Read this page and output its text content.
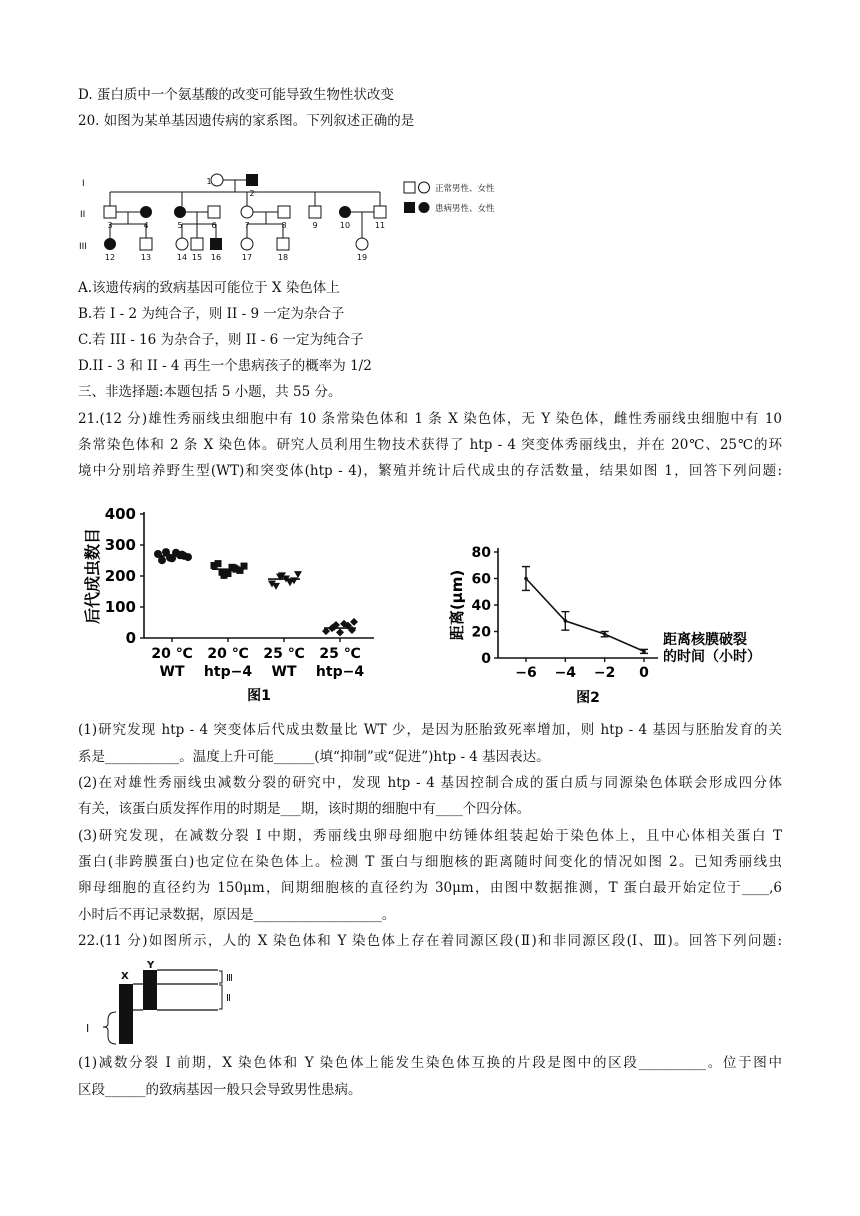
D. 蛋白质中一个氨基酸的改变可能导致生物性状改变
20. 如图为某单基因遗传病的家系图。下列叙述正确的是
I
II
III
1
2
3	4	5	6	7	8	9	10	11
12	13	14 15 16	17	18	19
正常男性、女性
患病男性、女性
A.该遗传病的致病基因可能位于 X 染色体上
B.若 I - 2 为纯合子，则 II - 9 一定为杂合子
C.若 III - 16 为杂合子，则 II - 6 一定为纯合子
D.II - 3 和 II - 4 再生一个患病孩子的概率为 1/2
三、非选择题:本题包括 5 小题，共 55 分。
21.(12 分)雄性秀丽线虫细胞中有 10 条常染色体和 1 条 X 染色体，无 Y 染色体，雌性秀丽线虫细胞中有 10
条常染色体和 2 条 X 染色体。研究人员利用生物技术获得了 htp - 4 突变体秀丽线虫，并在 20℃、25℃的环
境中分别培养野生型(WT)和突变体(htp - 4)，繁殖并统计后代成虫的存活数量，结果如图 1，回答下列问题:
400
300
200
100
0
后代成虫数目
20 ℃
WT
20 ℃
htp−4
25 ℃
WT
25 ℃
htp−4
图1
80
60
40
20
0
距离(μm)
−6 −4 −2 0
距离核膜破裂
的时间（小时）
图2
(1)研究发现 htp - 4 突变体后代成虫数量比 WT 少，是因为胚胎致死率增加，则 htp - 4 基因与胚胎发育的关
系是___________。温度上升可能______(填“抑制”或“促进”)htp - 4 基因表达。
(2)在对雄性秀丽线虫减数分裂的研究中，发现 htp - 4 基因控制合成的蛋白质与同源染色体联会形成四分体
有关，该蛋白质发挥作用的时期是___期，该时期的细胞中有____个四分体。
(3)研究发现，在减数分裂 I 中期，秀丽线虫卵母细胞中纺锤体组装起始于染色体上，且中心体相关蛋白 T
蛋白(非跨膜蛋白)也定位在染色体上。检测 T 蛋白与细胞核的距离随时间变化的情况如图 2。已知秀丽线虫
卵母细胞的直径约为 150μm，间期细胞核的直径约为 30μm，由图中数据推测，T 蛋白最开始定位于____,6
小时后不再记录数据，原因是___________________。
22.(11 分)如图所示，人的 X 染色体和 Y 染色体上存在着同源区段(Ⅱ)和非同源区段(I、Ⅲ)。回答下列问题:
X
Y
Ⅲ
Ⅱ
I
(1)减数分裂 I 前期，X 染色体和 Y 染色体上能发生染色体互换的片段是图中的区段__________。位于图中
区段______的致病基因一般只会导致男性患病。
